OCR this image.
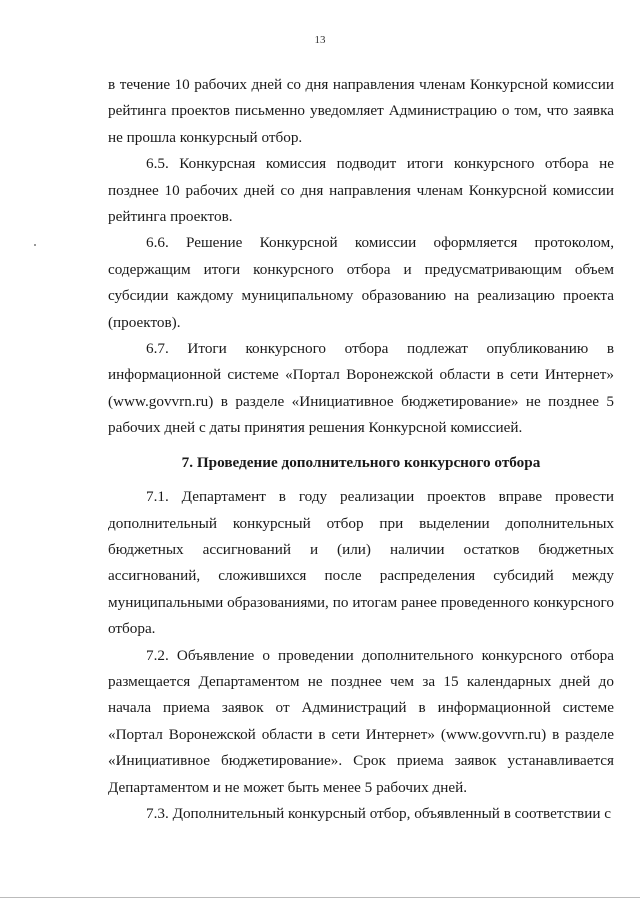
13

в течение 10 рабочих дней со дня направления членам Конкурсной комиссии рейтинга проектов письменно уведомляет Администрацию о том, что заявка не прошла конкурсный отбор.

6.5. Конкурсная комиссия подводит итоги конкурсного отбора не позднее 10 рабочих дней со дня направления членам Конкурсной комиссии рейтинга проектов.

6.6. Решение Конкурсной комиссии оформляется протоколом, содержащим итоги конкурсного отбора и предусматривающим объем субсидии каждому муниципальному образованию на реализацию проекта (проектов).

6.7. Итоги конкурсного отбора подлежат опубликованию в информационной системе «Портал Воронежской области в сети Интернет» (www.govvrn.ru) в разделе «Инициативное бюджетирование» не позднее 5 рабочих дней с даты принятия решения Конкурсной комиссией.

7. Проведение дополнительного конкурсного отбора

7.1. Департамент в году реализации проектов вправе провести дополнительный конкурсный отбор при выделении дополнительных бюджетных ассигнований и (или) наличии остатков бюджетных ассигнований, сложившихся после распределения субсидий между муниципальными образованиями, по итогам ранее проведенного конкурсного отбора.

7.2. Объявление о проведении дополнительного конкурсного отбора размещается Департаментом не позднее чем за 15 календарных дней до начала приема заявок от Администраций в информационной системе «Портал Воронежской области в сети Интернет» (www.govvrn.ru) в разделе «Инициативное бюджетирование». Срок приема заявок устанавливается Департаментом и не может быть менее 5 рабочих дней.

7.3. Дополнительный конкурсный отбор, объявленный в соответствии с
